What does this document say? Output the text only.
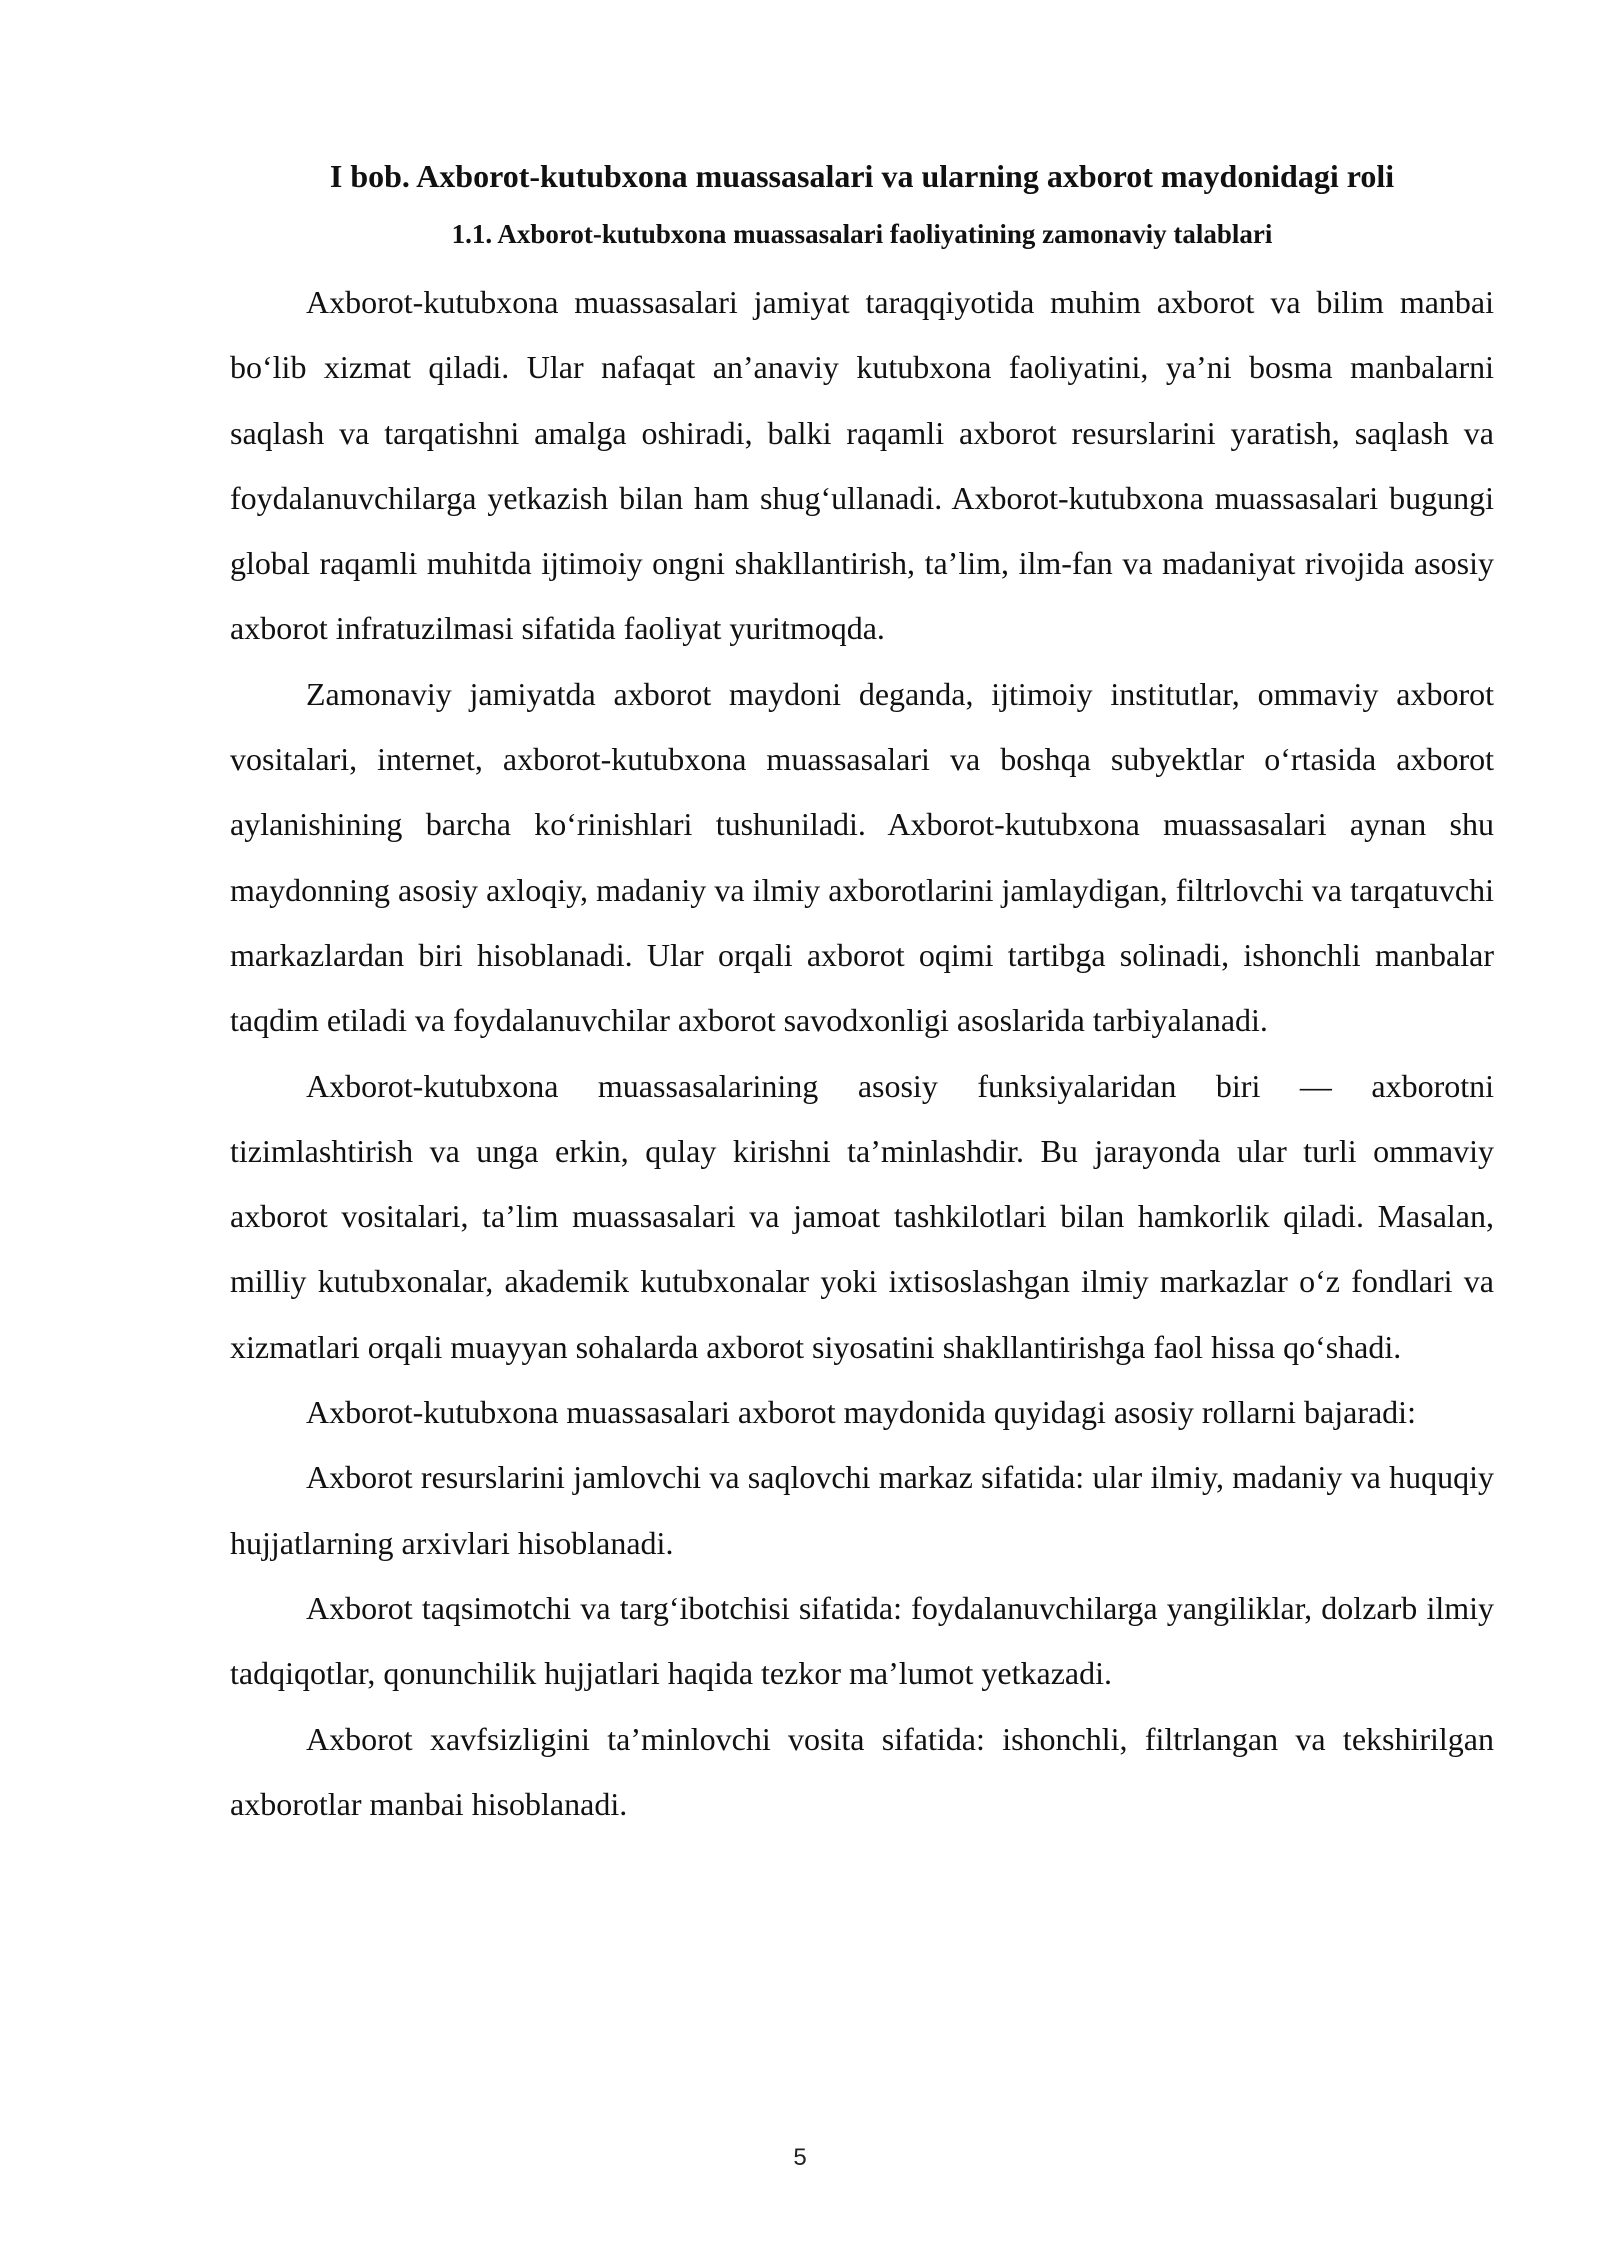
I bob. Axborot-kutubxona muassasalari va ularning axborot maydonidagi roli
1.1. Axborot-kutubxona muassasalari faoliyatining zamonaviy talablari

Axborot-kutubxona muassasalari jamiyat taraqqiyotida muhim axborot va bilim manbai bo‘lib xizmat qiladi. Ular nafaqat an’anaviy kutubxona faoliyatini, ya’ni bosma manbalarni saqlash va tarqatishni amalga oshiradi, balki raqamli axborot resurslarini yaratish, saqlash va foydalanuvchilarga yetkazish bilan ham shug‘ullanadi. Axborot-kutubxona muassasalari bugungi global raqamli muhitda ijtimoiy ongni shakllantirish, ta’lim, ilm-fan va madaniyat rivojida asosiy axborot infratuzilmasi sifatida faoliyat yuritmoqda.

Zamonaviy jamiyatda axborot maydoni deganda, ijtimoiy institutlar, ommaviy axborot vositalari, internet, axborot-kutubxona muassasalari va boshqa subyektlar o‘rtasida axborot aylanishining barcha ko‘rinishlari tushuniladi. Axborot-kutubxona muassasalari aynan shu maydonning asosiy axloqiy, madaniy va ilmiy axborotlarini jamlaydigan, filtrlovchi va tarqatuvchi markazlardan biri hisoblanadi. Ular orqali axborot oqimi tartibga solinadi, ishonchli manbalar taqdim etiladi va foydalanuvchilar axborot savodxonligi asoslarida tarbiyalanadi.

Axborot-kutubxona muassasalarining asosiy funksiyalaridan biri — axborotni tizimlashtirish va unga erkin, qulay kirishni ta’minlashdir. Bu jarayonda ular turli ommaviy axborot vositalari, ta’lim muassasalari va jamoat tashkilotlari bilan hamkorlik qiladi. Masalan, milliy kutubxonalar, akademik kutubxonalar yoki ixtisoslashgan ilmiy markazlar o‘z fondlari va xizmatlari orqali muayyan sohalarda axborot siyosatini shakllantirishga faol hissa qo‘shadi.

Axborot-kutubxona muassasalari axborot maydonida quyidagi asosiy rollarni bajaradi:

Axborot resurslarini jamlovchi va saqlovchi markaz sifatida: ular ilmiy, madaniy va huquqiy hujjatlarning arxivlari hisoblanadi.

Axborot taqsimotchi va targ‘ibotchisi sifatida: foydalanuvchilarga yangiliklar, dolzarb ilmiy tadqiqotlar, qonunchilik hujjatlari haqida tezkor ma’lumot yetkazadi.

Axborot xavfsizligini ta’minlovchi vosita sifatida: ishonchli, filtrlangan va tekshirilgan axborotlar manbai hisoblanadi.

5
